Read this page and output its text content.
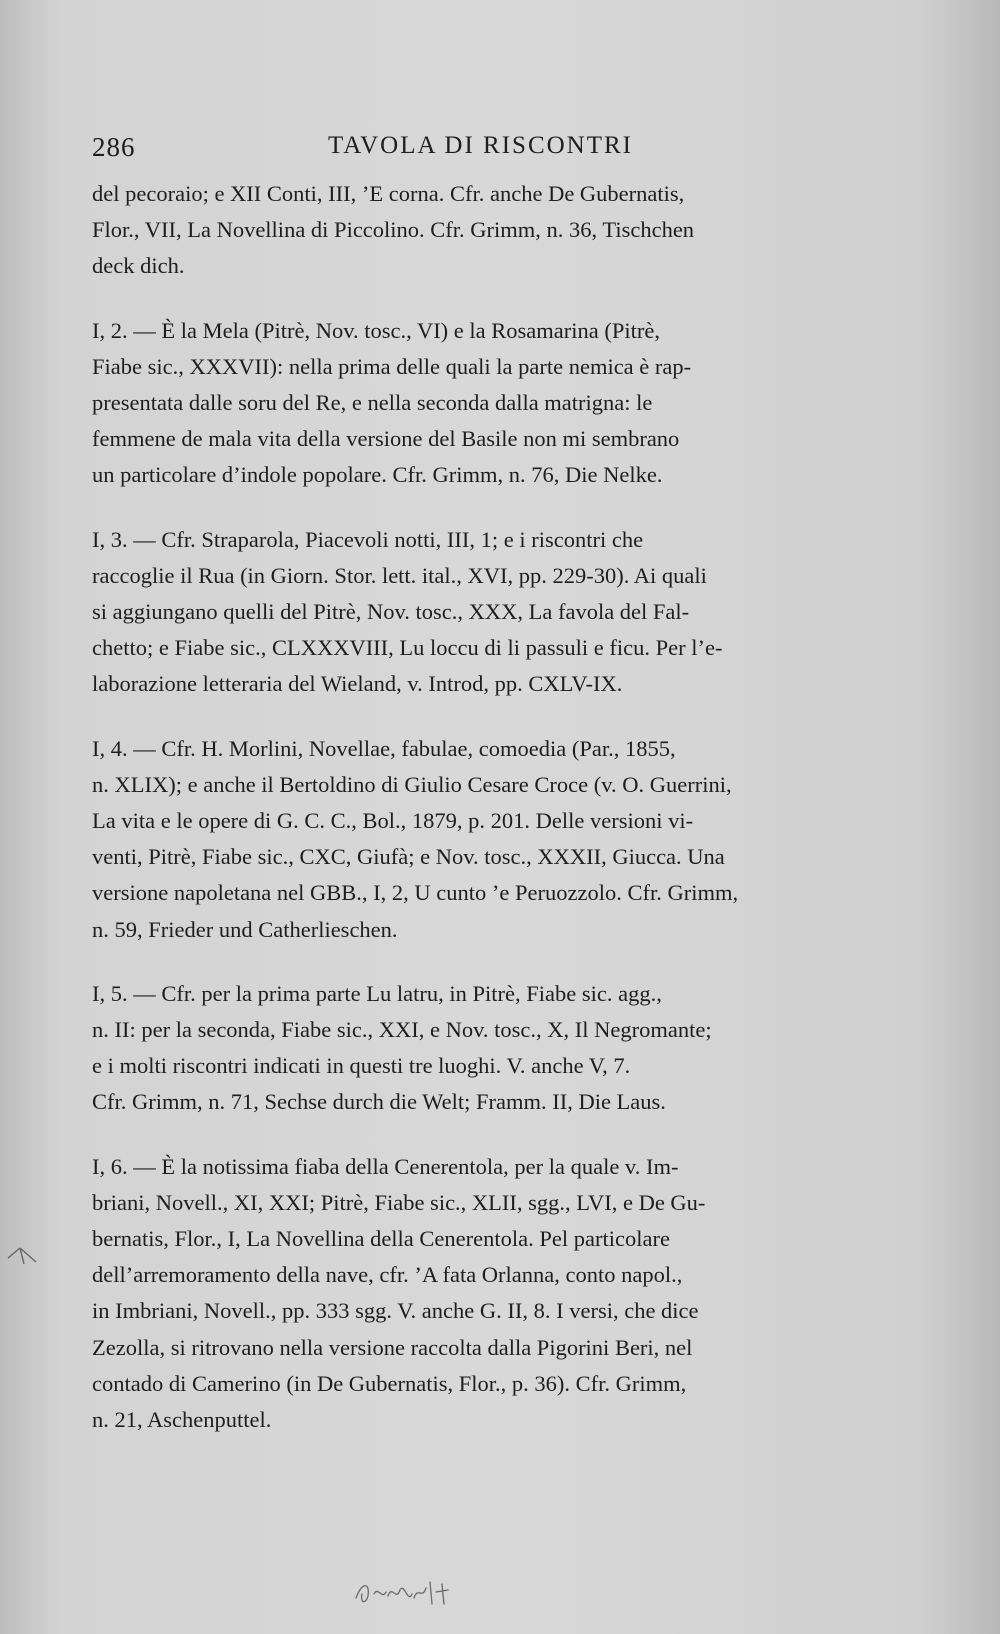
286	TAVOLA DI RISCONTRI

del pecoraio; e XII Conti, III, ’E corna. Cfr. anche De Gubernatis,
Flor., VII, La Novellina di Piccolino. Cfr. Grimm, n. 36, Tischchen
deck dich.

I, 2. — È la Mela (Pitrè, Nov. tosc., VI) e la Rosamarina (Pitrè,
Fiabe sic., XXXVII): nella prima delle quali la parte nemica è rap-
presentata dalle soru del Re, e nella seconda dalla matrigna: le
femmene de mala vita della versione del Basile non mi sembrano
un particolare d’indole popolare. Cfr. Grimm, n. 76, Die Nelke.

I, 3. — Cfr. Straparola, Piacevoli notti, III, 1; e i riscontri che
raccoglie il Rua (in Giorn. Stor. lett. ital., XVI, pp. 229-30). Ai quali
si aggiungano quelli del Pitrè, Nov. tosc., XXX, La favola del Fal-
chetto; e Fiabe sic., CLXXXVIII, Lu loccu di li passuli e ficu. Per l’e-
laborazione letteraria del Wieland, v. Introd, pp. CXLV-IX.

I, 4. — Cfr. H. Morlini, Novellae, fabulae, comoedia (Par., 1855,
n. XLIX); e anche il Bertoldino di Giulio Cesare Croce (v. O. Guerrini,
La vita e le opere di G. C. C., Bol., 1879, p. 201. Delle versioni vi-
venti, Pitrè, Fiabe sic., CXC, Giufà; e Nov. tosc., XXXII, Giucca. Una
versione napoletana nel GBB., I, 2, U cunto ’e Peruozzolo. Cfr. Grimm,
n. 59, Frieder und Catherlieschen.

I, 5. — Cfr. per la prima parte Lu latru, in Pitrè, Fiabe sic. agg.,
n. II: per la seconda, Fiabe sic., XXI, e Nov. tosc., X, Il Negromante;
e i molti riscontri indicati in questi tre luoghi. V. anche V, 7.
Cfr. Grimm, n. 71, Sechse durch die Welt; Framm. II, Die Laus.

I, 6. — È la notissima fiaba della Cenerentola, per la quale v. Im-
briani, Novell., XI, XXI; Pitrè, Fiabe sic., XLII, sgg., LVI, e De Gu-
bernatis, Flor., I, La Novellina della Cenerentola. Pel particolare
dell’arremoramento della nave, cfr. ’A fata Orlanna, conto napol.,
in Imbriani, Novell., pp. 333 sgg. V. anche G. II, 8. I versi, che dice
Zezolla, si ritrovano nella versione raccolta dalla Pigorini Beri, nel
contado di Camerino (in De Gubernatis, Flor., p. 36). Cfr. Grimm,
n. 21, Aschenputtel.
